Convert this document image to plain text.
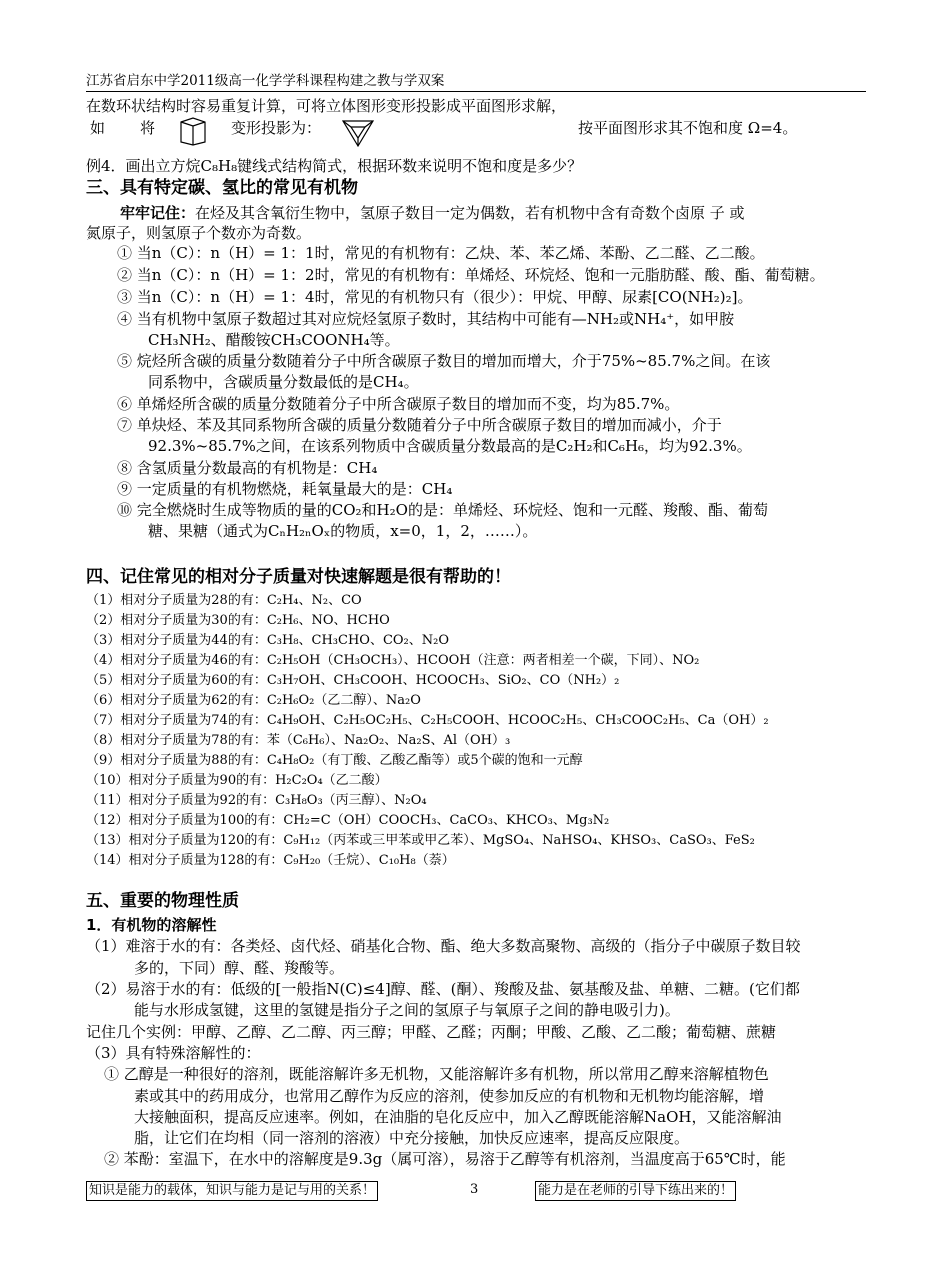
江苏省启东中学2011级高一化学学科课程构建之教与学双案
在数环状结构时容易重复计算，可将立体图形变形投影成平面图形求解，
如	将	变形投影为：	按平面图形求其不饱和度 Ω=4。
例4．画出立方烷C₈H₈键线式结构简式，根据环数来说明不饱和度是多少？
三、具有特定碳、氢比的常见有机物
牢牢记住：在烃及其含氧衍生物中，氢原子数目一定为偶数，若有机物中含有奇数个卤原 子 或
氮原子，则氢原子个数亦为奇数。
① 当n（C）：n（H）= 1：1时，常见的有机物有：乙炔、苯、苯乙烯、苯酚、乙二醛、乙二酸。
② 当n（C）：n（H）= 1：2时，常见的有机物有：单烯烃、环烷烃、饱和一元脂肪醛、酸、酯、葡萄糖。
③ 当n（C）：n（H）= 1：4时，常见的有机物只有（很少）：甲烷、甲醇、尿素[CO(NH₂)₂]。
④ 当有机物中氢原子数超过其对应烷烃氢原子数时，其结构中可能有—NH₂或NH₄⁺，如甲胺
CH₃NH₂、醋酸铵CH₃COONH₄等。
⑤ 烷烃所含碳的质量分数随着分子中所含碳原子数目的增加而增大，介于75%~85.7%之间。在该
同系物中，含碳质量分数最低的是CH₄。
⑥ 单烯烃所含碳的质量分数随着分子中所含碳原子数目的增加而不变，均为85.7%。
⑦ 单炔烃、苯及其同系物所含碳的质量分数随着分子中所含碳原子数目的增加而减小，介于
92.3%~85.7%之间，在该系列物质中含碳质量分数最高的是C₂H₂和C₆H₆，均为92.3%。
⑧ 含氢质量分数最高的有机物是：CH₄
⑨ 一定质量的有机物燃烧，耗氧量最大的是：CH₄
⑩ 完全燃烧时生成等物质的量的CO₂和H₂O的是：单烯烃、环烷烃、饱和一元醛、羧酸、酯、葡萄
糖、果糖（通式为CₙH₂ₙOₓ的物质，x=0，1，2，……）。
四、记住常见的相对分子质量对快速解题是很有帮助的！
（1）相对分子质量为28的有：C₂H₄、N₂、CO
（2）相对分子质量为30的有：C₂H₆、NO、HCHO
（3）相对分子质量为44的有：C₃H₈、CH₃CHO、CO₂、N₂O
（4）相对分子质量为46的有：C₂H₅OH（CH₃OCH₃）、HCOOH（注意：两者相差一个碳，下同）、NO₂
（5）相对分子质量为60的有：C₃H₇OH、CH₃COOH、HCOOCH₃、SiO₂、CO（NH₂）₂
（6）相对分子质量为62的有：C₂H₆O₂（乙二醇）、Na₂O
（7）相对分子质量为74的有：C₄H₉OH、C₂H₅OC₂H₅、C₂H₅COOH、HCOOC₂H₅、CH₃COOC₂H₅、Ca（OH）₂
（8）相对分子质量为78的有：苯（C₆H₆）、Na₂O₂、Na₂S、Al（OH）₃
（9）相对分子质量为88的有：C₄H₈O₂（有丁酸、乙酸乙酯等）或5个碳的饱和一元醇
（10）相对分子质量为90的有：H₂C₂O₄（乙二酸）
（11）相对分子质量为92的有：C₃H₈O₃（丙三醇）、N₂O₄
（12）相对分子质量为100的有：CH₂=C（OH）COOCH₃、CaCO₃、KHCO₃、Mg₃N₂
（13）相对分子质量为120的有：C₉H₁₂（丙苯或三甲苯或甲乙苯）、MgSO₄、NaHSO₄、KHSO₃、CaSO₃、FeS₂
（14）相对分子质量为128的有：C₉H₂₀（壬烷）、C₁₀H₈（萘）
五、重要的物理性质
1．有机物的溶解性
（1）难溶于水的有：各类烃、卤代烃、硝基化合物、酯、绝大多数高聚物、高级的（指分子中碳原子数目较
多的，下同）醇、醛、羧酸等。
（2）易溶于水的有：低级的[一般指N(C)≤4]醇、醛、(酮）、羧酸及盐、氨基酸及盐、单糖、二糖。(它们都
能与水形成氢键，这里的氢键是指分子之间的氢原子与氧原子之间的静电吸引力)。
记住几个实例：甲醇、乙醇、乙二醇、丙三醇；甲醛、乙醛；丙酮；甲酸、乙酸、乙二酸；葡萄糖、蔗糖
（3）具有特殊溶解性的：
① 乙醇是一种很好的溶剂，既能溶解许多无机物，又能溶解许多有机物，所以常用乙醇来溶解植物色
素或其中的药用成分，也常用乙醇作为反应的溶剂，使参加反应的有机物和无机物均能溶解，增
大接触面积，提高反应速率。例如，在油脂的皂化反应中，加入乙醇既能溶解NaOH，又能溶解油
脂，让它们在均相（同一溶剂的溶液）中充分接触，加快反应速率，提高反应限度。
② 苯酚：室温下，在水中的溶解度是9.3g（属可溶），易溶于乙醇等有机溶剂，当温度高于65℃时，能
知识是能力的载体，知识与能力是记与用的关系！	3	能力是在老师的引导下练出来的！
